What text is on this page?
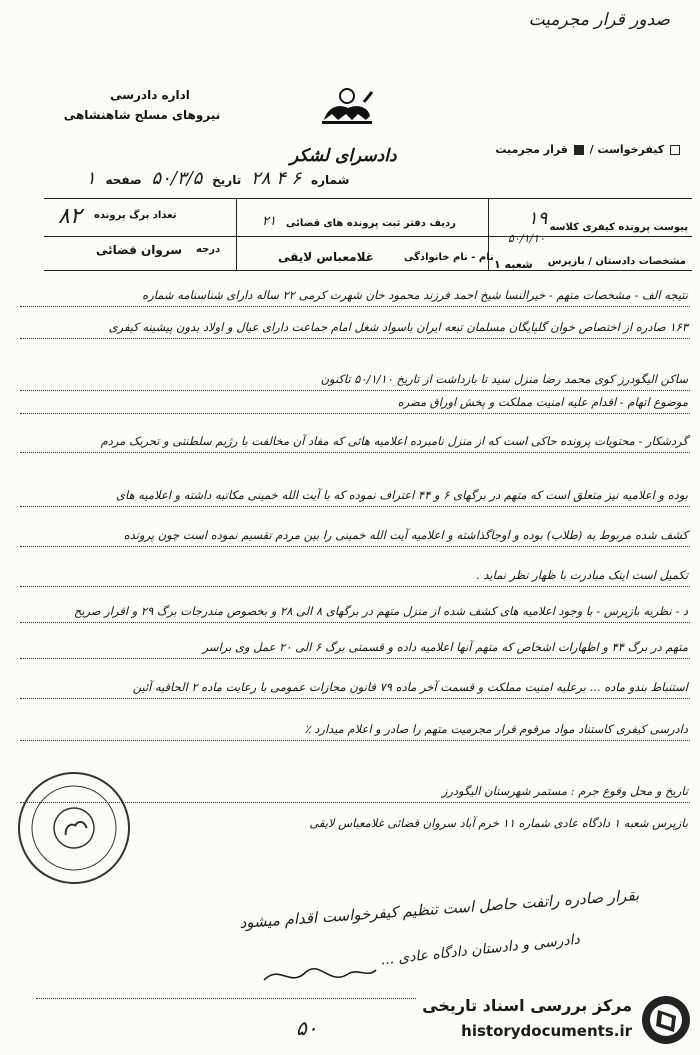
صدور قرار مجرمیت
اداره دادرسی
نیروهای مسلح شاهنشاهی
دادسرای لشکر	کیفرخواست /  قرار مجرمیت
شماره ۶ ۴ ۲۸ تاریخ ۵۰/۳/۵ صفحه ۱
پیوست پرونده کیفری کلاسه
۱۹
۵۰/۱/۱۰
ردیف دفتر ثبت پرونده های قضائی
۲۱
تعداد برگ پرونده
۸۲
مشخصات دادستان / بازپرس
شعبه ۱
نام - نام خانوادگی
غلامعباس لایقی
درجه
سروان قضائی
نتیجه الف - مشخصات متهم - خیرالنسا شیخ احمد فرزند محمود خان شهرت کرمی ۲۲ ساله دارای شناسنامه شماره
۱۶۳ صادره از اختصاص خوان گلپایگان مسلمان تبعه ایران باسواد شغل امام جماعت دارای عیال و اولاد بدون پیشینه کیفری
ساکن الیگودرز کوی محمد رضا منزل سید تا بازداشت از تاریخ ۵۰/۱/۱۰ تاکنون
موضوع اتهام - اقدام علیه امنیت مملکت و پخش اوراق مضره
گردشکار - محتویات پرونده حاکی است که از منزل نامبرده اعلامیه هائی که مفاد آن مخالفت با رژیم سلطنتی و تحریک مردم
بوده و اعلامیه نیز متعلق است که متهم در برگهای ۶ و ۴۴ اعتراف نموده که با آیت الله خمینی مکاتبه داشته و اعلامیه های
کشف شده مربوط به (طلاب) بوده و اوجاگذاشته و اعلامیه آیت الله خمینی را بین مردم تقسیم نموده است چون پرونده
تکمیل است اینک مبادرت با ظهار نظر نماید .
د - نظریه بازپرس - با وجود اعلامیه های کشف شده از منزل متهم در برگهای ۸ الی ۲۸ و بخصوص مندرجات برگ ۲۹ و اقرار صریح
متهم در برگ ۴۴ و اظهارات اشخاص که متهم آنها اعلامیه داده و قسمتی برگ ۶ الی ۲۰ عمل وی براسر
استنباط بندو ماده ... برعلیه امنیت مملکت و قسمت آخر ماده ۷۹ قانون مجازات عمومی با رعایت ماده ۲ الحاقیه آئین
دادرسی کیفری کاستناد مواد مرقوم قرار مجرمیت متهم را صادر و اعلام میدارد ٪
تاریخ و محل وقوع جرم : مستمر شهرستان الیگودرز
بازپرس شعبه ۱ دادگاه عادی شماره ۱۱ خرم آباد سروان قضائی غلامعباس لایقی
بقرار صادره راتفت حاصل است تنظیم کیفرخواست اقدام میشود
دادرسی و دادستان دادگاه عادی ...
۵۰
مرکز بررسی اسناد تاریخی
historydocuments.ir
